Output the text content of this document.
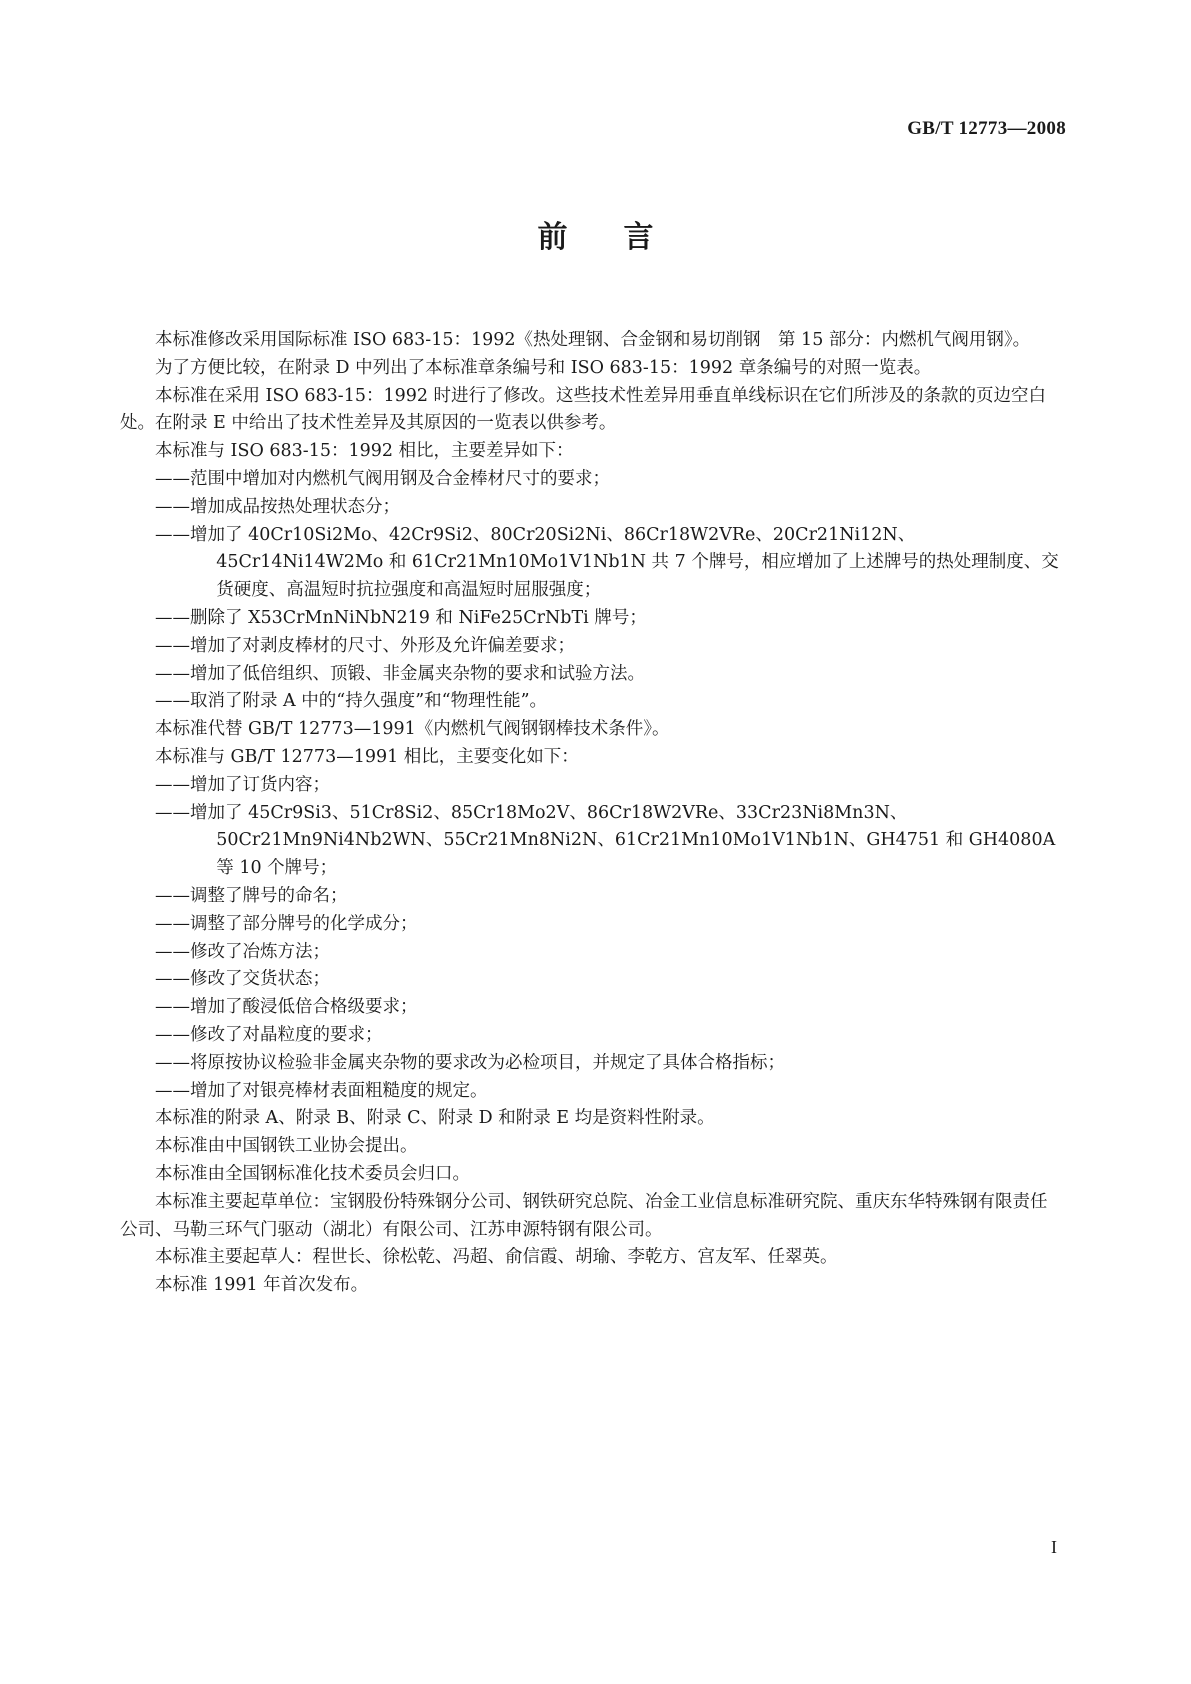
GB/T 12773—2008
前言

本标准修改采用国际标准 ISO 683-15：1992《热处理钢、合金钢和易切削钢　第 15 部分：内燃机气阀用钢》。

为了方便比较，在附录 D 中列出了本标准章条编号和 ISO 683-15：1992 章条编号的对照一览表。

本标准在采用 ISO 683-15：1992 时进行了修改。这些技术性差异用垂直单线标识在它们所涉及的条款的页边空白处。在附录 E 中给出了技术性差异及其原因的一览表以供参考。

本标准与 ISO 683-15：1992 相比，主要差异如下：

——范围中增加对内燃机气阀用钢及合金棒材尺寸的要求；

——增加成品按热处理状态分；

——增加了 40Cr10Si2Mo、42Cr9Si2、80Cr20Si2Ni、86Cr18W2VRe、20Cr21Ni12N、45Cr14Ni14W2Mo 和 61Cr21Mn10Mo1V1Nb1N 共 7 个牌号，相应增加了上述牌号的热处理制度、交货硬度、高温短时抗拉强度和高温短时屈服强度；

——删除了 X53CrMnNiNbN219 和 NiFe25CrNbTi 牌号；

——增加了对剥皮棒材的尺寸、外形及允许偏差要求；

——增加了低倍组织、顶锻、非金属夹杂物的要求和试验方法。

——取消了附录 A 中的“持久强度”和“物理性能”。

本标准代替 GB/T 12773—1991《内燃机气阀钢钢棒技术条件》。

本标准与 GB/T 12773—1991 相比，主要变化如下：

——增加了订货内容；

——增加了 45Cr9Si3、51Cr8Si2、85Cr18Mo2V、86Cr18W2VRe、33Cr23Ni8Mn3N、50Cr21Mn9Ni4Nb2WN、55Cr21Mn8Ni2N、61Cr21Mn10Mo1V1Nb1N、GH4751 和 GH4080A 等 10 个牌号；

——调整了牌号的命名；

——调整了部分牌号的化学成分；

——修改了冶炼方法；

——修改了交货状态；

——增加了酸浸低倍合格级要求；

——修改了对晶粒度的要求；

——将原按协议检验非金属夹杂物的要求改为必检项目，并规定了具体合格指标；

——增加了对银亮棒材表面粗糙度的规定。

本标准的附录 A、附录 B、附录 C、附录 D 和附录 E 均是资料性附录。

本标准由中国钢铁工业协会提出。

本标准由全国钢标准化技术委员会归口。

本标准主要起草单位：宝钢股份特殊钢分公司、钢铁研究总院、冶金工业信息标准研究院、重庆东华特殊钢有限责任公司、马勒三环气门驱动（湖北）有限公司、江苏申源特钢有限公司。

本标准主要起草人：程世长、徐松乾、冯超、俞信霞、胡瑜、李乾方、宫友军、任翠英。

本标准 1991 年首次发布。

I
